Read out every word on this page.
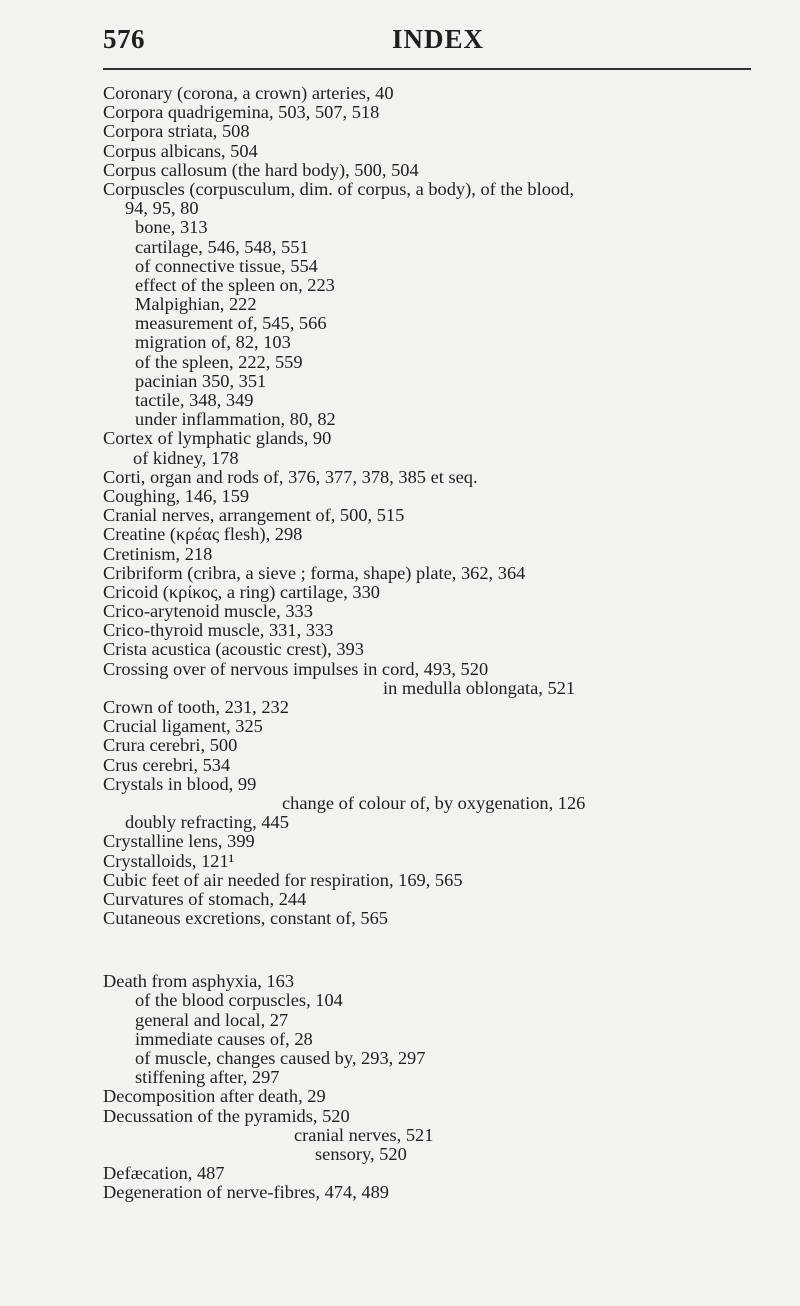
576	INDEX
Coronary (corona, a crown) arteries, 40
Corpora quadrigemina, 503, 507, 518
Corpora striata, 508
Corpus albicans, 504
Corpus callosum (the hard body), 500, 504
Corpuscles (corpusculum, dim. of corpus, a body), of the blood,
94, 95, 80
bone, 313
cartilage, 546, 548, 551
of connective tissue, 554
effect of the spleen on, 223
Malpighian, 222
measurement of, 545, 566
migration of, 82, 103
of the spleen, 222, 559
pacinian 350, 351
tactile, 348, 349
under inflammation, 80, 82
Cortex of lymphatic glands, 90
of kidney, 178
Corti, organ and rods of, 376, 377, 378, 385 et seq.
Coughing, 146, 159
Cranial nerves, arrangement of, 500, 515
Creatine (κρέας flesh), 298
Cretinism, 218
Cribriform (cribra, a sieve ; forma, shape) plate, 362, 364
Cricoid (κρίκος, a ring) cartilage, 330
Crico-arytenoid muscle, 333
Crico-thyroid muscle, 331, 333
Crista acustica (acoustic crest), 393
Crossing over of nervous impulses in cord, 493, 520
in medulla oblongata, 521
Crown of tooth, 231, 232
Crucial ligament, 325
Crura cerebri, 500
Crus cerebri, 534
Crystals in blood, 99
change of colour of, by oxygenation, 126
doubly refracting, 445
Crystalline lens, 399
Crystalloids, 121¹
Cubic feet of air needed for respiration, 169, 565
Curvatures of stomach, 244
Cutaneous excretions, constant of, 565
Death from asphyxia, 163
of the blood corpuscles, 104
general and local, 27
immediate causes of, 28
of muscle, changes caused by, 293, 297
stiffening after, 297
Decomposition after death, 29
Decussation of the pyramids, 520
cranial nerves, 521
sensory, 520
Defæcation, 487
Degeneration of nerve-fibres, 474, 489
